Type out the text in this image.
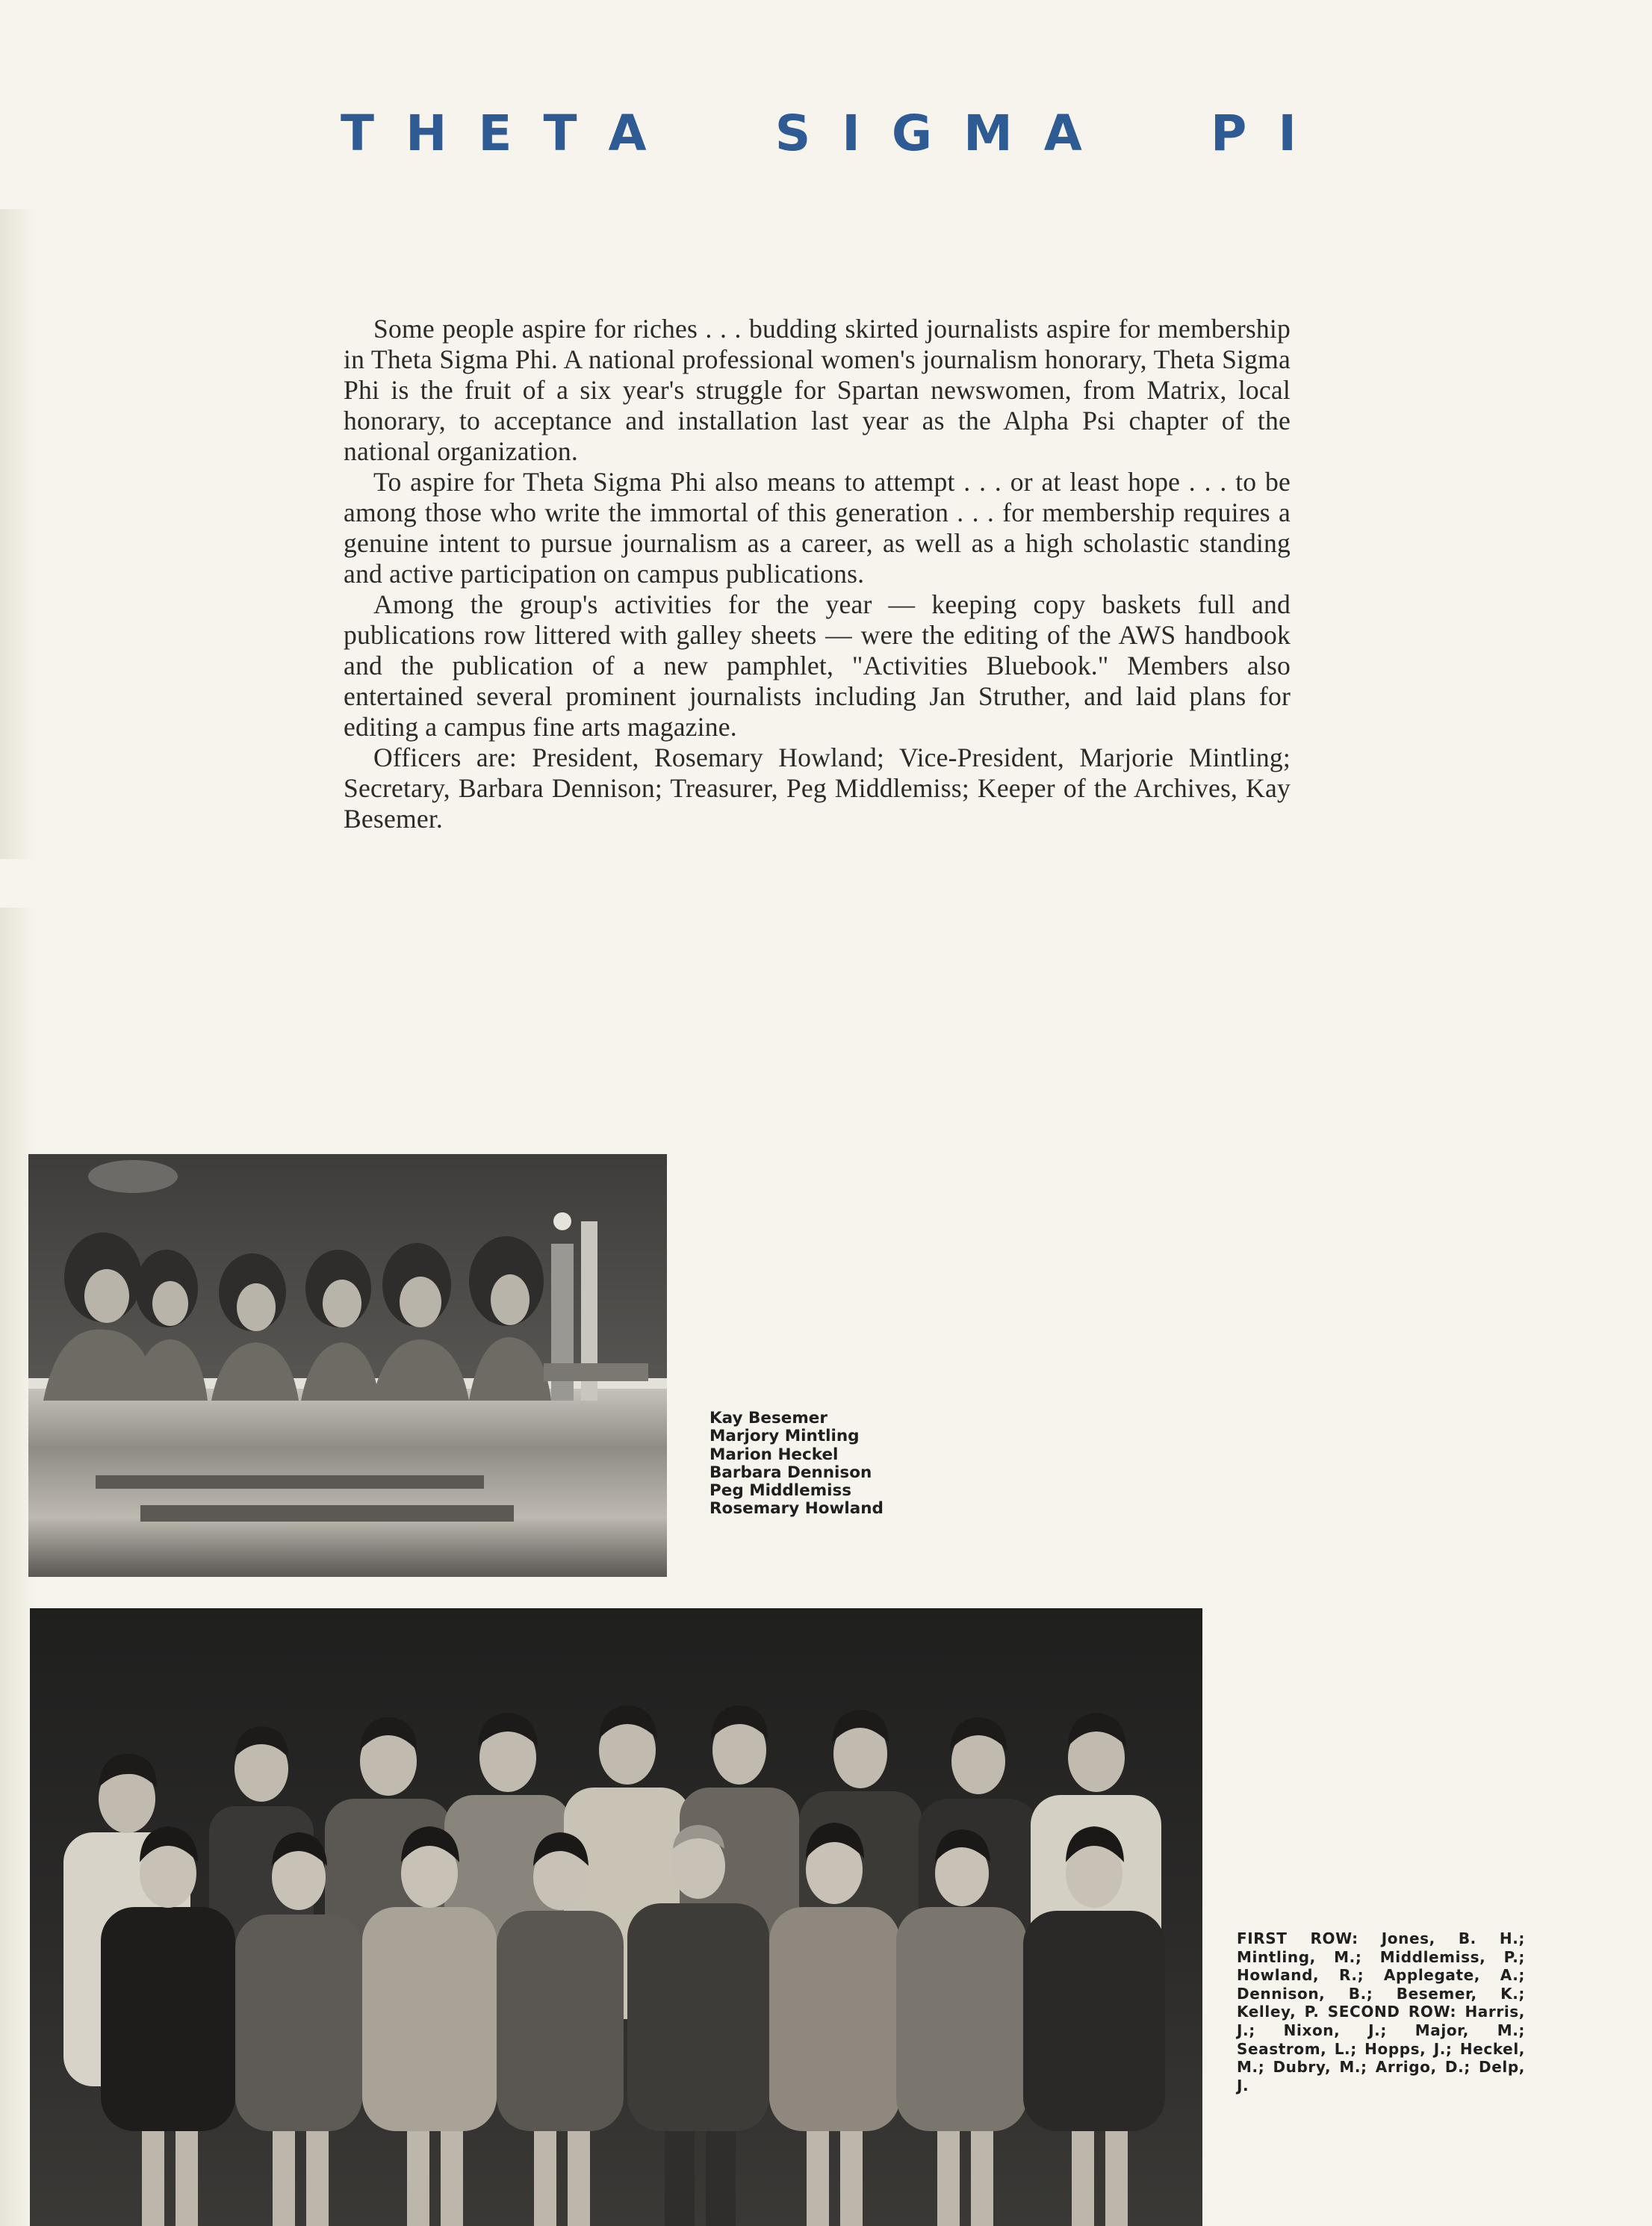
T H E T A	S I G M A	P I

Some people aspire for riches . . . budding skirted journalists aspire for membership in Theta Sigma Phi. A national professional women's journalism honorary, Theta Sigma Phi is the fruit of a six year's struggle for Spartan newswomen, from Matrix, local honorary, to acceptance and installation last year as the Alpha Psi chapter of the national organization.

To aspire for Theta Sigma Phi also means to attempt . . . or at least hope . . . to be among those who write the immortal of this generation . . . for membership requires a genuine intent to pursue journalism as a career, as well as a high scholastic standing and active participation on campus publications.

Among the group's activities for the year — keeping copy baskets full and publications row littered with galley sheets — were the editing of the AWS handbook and the publication of a new pamphlet, "Activities Bluebook." Members also entertained several prominent journalists including Jan Struther, and laid plans for editing a campus fine arts magazine.

Officers are: President, Rosemary Howland; Vice-President, Marjorie Mintling; Secretary, Barbara Dennison; Treasurer, Peg Middlemiss; Keeper of the Archives, Kay Besemer.

Kay Besemer
Marjory Mintling
Marion Heckel
Barbara Dennison
Peg Middlemiss
Rosemary Howland

FIRST ROW: Jones, B. H.; Mintling, M.; Middlemiss, P.; Howland, R.; Applegate, A.; Dennison, B.; Besemer, K.; Kelley, P. SECOND ROW: Harris, J.; Nixon, J.; Major, M.; Seastrom, L.; Hopps, J.; Heckel, M.; Dubry, M.; Arrigo, D.; Delp, J.
